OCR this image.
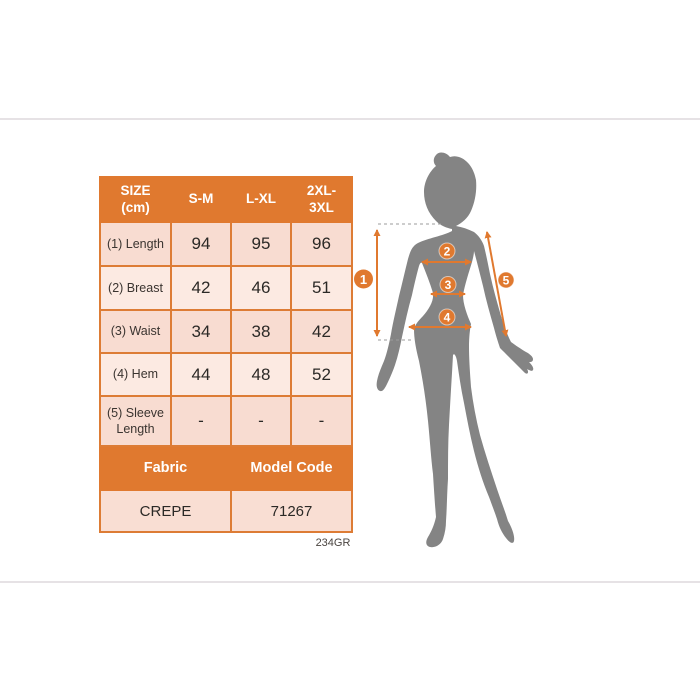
SIZE (cm)	S-M	L-XL	2XL-3XL
(1) Length	94	95	96
(2) Breast	42	46	51
(3) Waist	34	38	42
(4) Hem	44	48	52
(5) Sleeve Length	-	-	-
Fabric		Model Code	
CREPE		71267	
234GR
1
2
3
4
5
